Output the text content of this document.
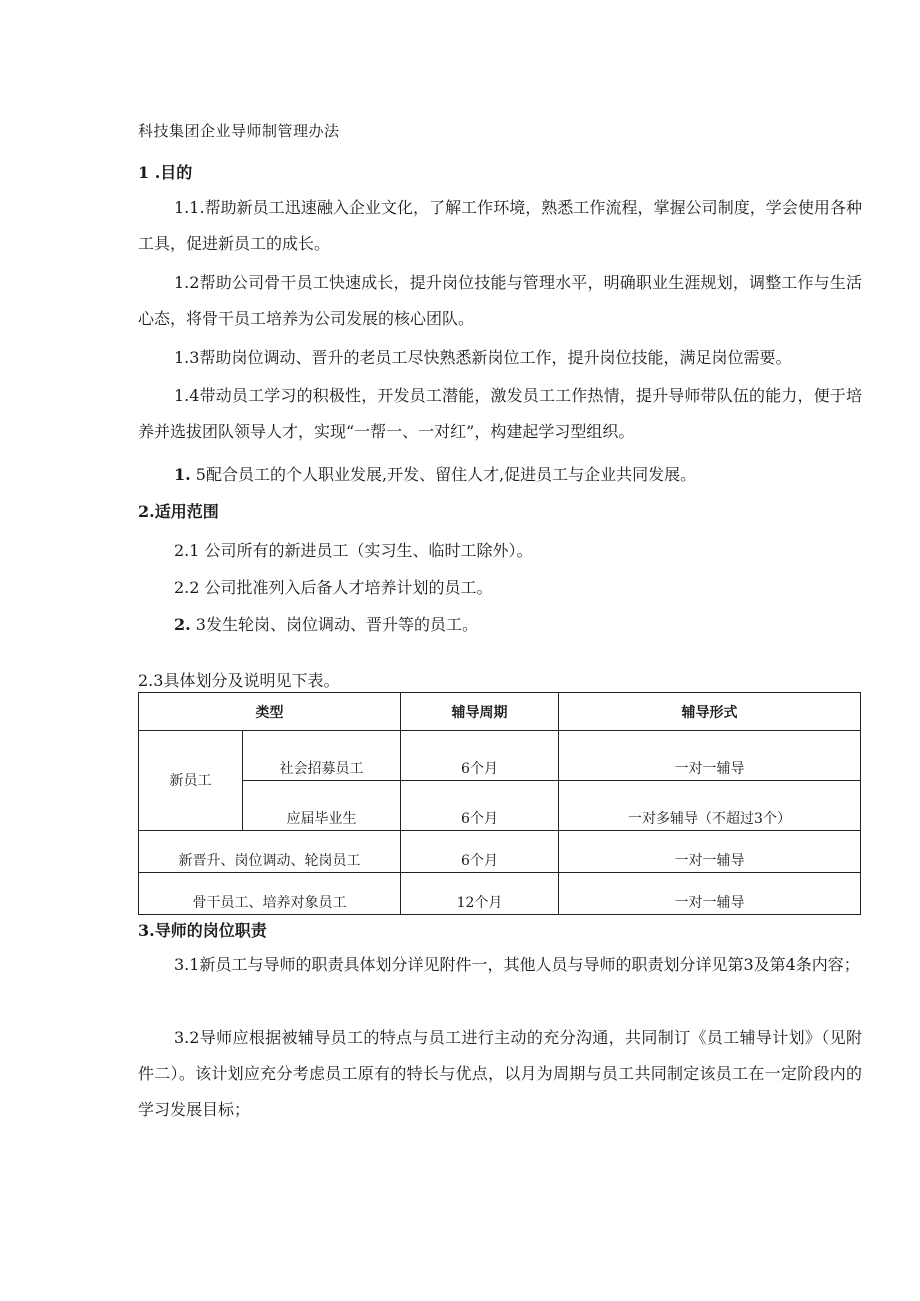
科技集团企业导师制管理办法
1 .目的

1.1.帮助新员工迅速融入企业文化，了解工作环境，熟悉工作流程，掌握公司制度，学会使用各种工具，促进新员工的成长。

1.2帮助公司骨干员工快速成长，提升岗位技能与管理水平，明确职业生涯规划，调整工作与生活心态，将骨干员工培养为公司发展的核心团队。

1.3帮助岗位调动、晋升的老员工尽快熟悉新岗位工作，提升岗位技能，满足岗位需要。

1.4带动员工学习的积极性，开发员工潜能，激发员工工作热情，提升导师带队伍的能力，便于培养并选拔团队领导人才，实现“一帮一、一对红”，构建起学习型组织。

1. 5配合员工的个人职业发展,开发、留住人才,促进员工与企业共同发展。
2.适用范围
2.1 公司所有的新进员工（实习生、临时工除外）。
2.2 公司批准列入后备人才培养计划的员工。
2. 3发生轮岗、岗位调动、晋升等的员工。
2.3具体划分及说明见下表。
类型		辅导周期	辅导形式
新员工	社会招募员工	6个月	一对一辅导
	应届毕业生	6个月	一对多辅导（不超过3个）
新晋升、岗位调动、轮岗员工		6个月	一对一辅导
骨干员工、培养对象员工		12个月	一对一辅导
3.导师的岗位职责

3.1新员工与导师的职责具体划分详见附件一，其他人员与导师的职责划分详见第3及第4条内容；

3.2导师应根据被辅导员工的特点与员工进行主动的充分沟通，共同制订《员工辅导计划》（见附件二）。该计划应充分考虑员工原有的特长与优点，以月为周期与员工共同制定该员工在一定阶段内的学习发展目标；
